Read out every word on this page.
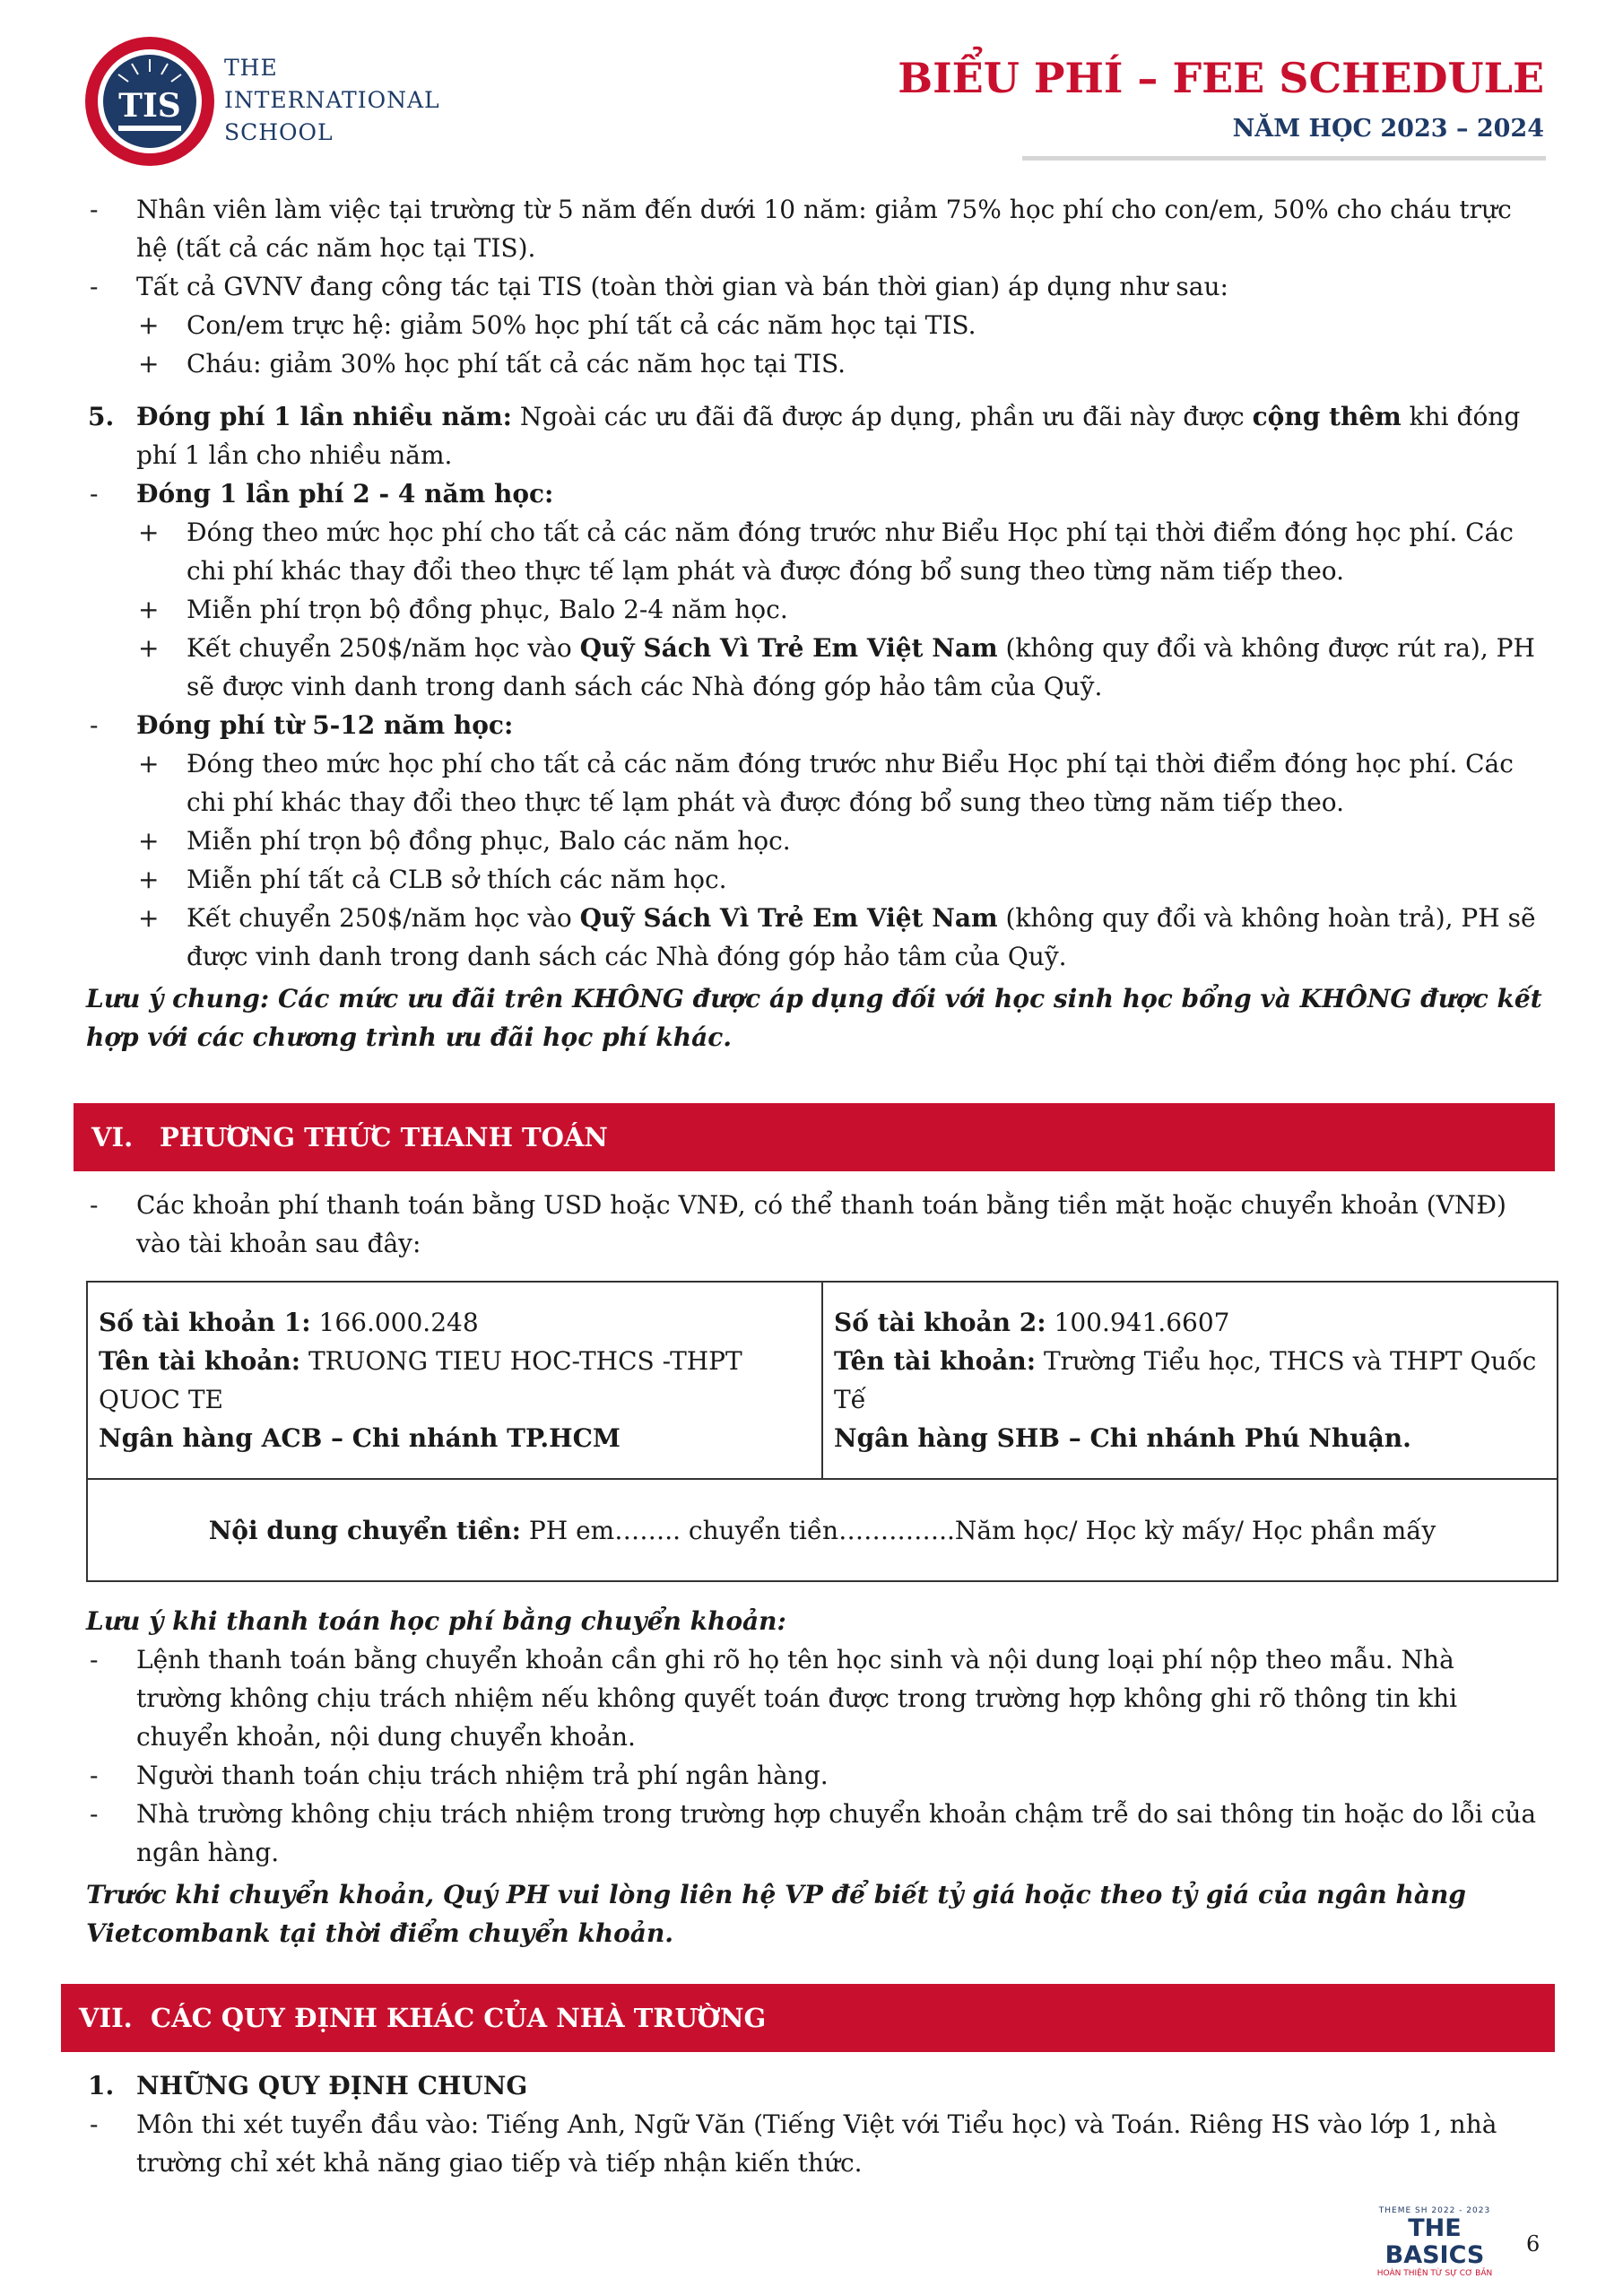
TIS
THE
INTERNATIONAL
SCHOOL
BIỂU PHÍ – FEE SCHEDULE
NĂM HỌC 2023 – 2024
- Nhân viên làm việc tại trường từ 5 năm đến dưới 10 năm: giảm 75% học phí cho con/em, 50% cho cháu trực hệ (tất cả các năm học tại TIS).
- Tất cả GVNV đang công tác tại TIS (toàn thời gian và bán thời gian) áp dụng như sau:
+ Con/em trực hệ: giảm 50% học phí tất cả các năm học tại TIS.
+ Cháu: giảm 30% học phí tất cả các năm học tại TIS.
5. Đóng phí 1 lần nhiều năm: Ngoài các ưu đãi đã được áp dụng, phần ưu đãi này được cộng thêm khi đóng phí 1 lần cho nhiều năm.
- Đóng 1 lần phí 2 - 4 năm học:
+ Đóng theo mức học phí cho tất cả các năm đóng trước như Biểu Học phí tại thời điểm đóng học phí. Các chi phí khác thay đổi theo thực tế lạm phát và được đóng bổ sung theo từng năm tiếp theo.
+ Miễn phí trọn bộ đồng phục, Balo 2-4 năm học.
+ Kết chuyển 250$/năm học vào Quỹ Sách Vì Trẻ Em Việt Nam (không quy đổi và không được rút ra), PH sẽ được vinh danh trong danh sách các Nhà đóng góp hảo tâm của Quỹ.
- Đóng phí từ 5-12 năm học:
+ Đóng theo mức học phí cho tất cả các năm đóng trước như Biểu Học phí tại thời điểm đóng học phí. Các chi phí khác thay đổi theo thực tế lạm phát và được đóng bổ sung theo từng năm tiếp theo.
+ Miễn phí trọn bộ đồng phục, Balo các năm học.
+ Miễn phí tất cả CLB sở thích các năm học.
+ Kết chuyển 250$/năm học vào Quỹ Sách Vì Trẻ Em Việt Nam (không quy đổi và không hoàn trả), PH sẽ được vinh danh trong danh sách các Nhà đóng góp hảo tâm của Quỹ.
Lưu ý chung: Các mức ưu đãi trên KHÔNG được áp dụng đối với học sinh học bổng và KHÔNG được kết hợp với các chương trình ưu đãi học phí khác.
VI. PHƯƠNG THỨC THANH TOÁN
- Các khoản phí thanh toán bằng USD hoặc VNĐ, có thể thanh toán bằng tiền mặt hoặc chuyển khoản (VNĐ) vào tài khoản sau đây:
Số tài khoản 1: 166.000.248
Tên tài khoản: TRUONG TIEU HOC-THCS -THPT QUOC TE
Ngân hàng ACB – Chi nhánh TP.HCM

Số tài khoản 2: 100.941.6607
Tên tài khoản: Trường Tiểu học, THCS và THPT Quốc Tế
Ngân hàng SHB – Chi nhánh Phú Nhuận.

Nội dung chuyển tiền: PH em…….. chuyển tiền…………..Năm học/ Học kỳ mấy/ Học phần mấy
Lưu ý khi thanh toán học phí bằng chuyển khoản:
- Lệnh thanh toán bằng chuyển khoản cần ghi rõ họ tên học sinh và nội dung loại phí nộp theo mẫu. Nhà trường không chịu trách nhiệm nếu không quyết toán được trong trường hợp không ghi rõ thông tin khi chuyển khoản, nội dung chuyển khoản.
- Người thanh toán chịu trách nhiệm trả phí ngân hàng.
- Nhà trường không chịu trách nhiệm trong trường hợp chuyển khoản chậm trễ do sai thông tin hoặc do lỗi của ngân hàng.
Trước khi chuyển khoản, Quý PH vui lòng liên hệ VP để biết tỷ giá hoặc theo tỷ giá của ngân hàng Vietcombank tại thời điểm chuyển khoản.
VII. CÁC QUY ĐỊNH KHÁC CỦA NHÀ TRƯỜNG
1. NHỮNG QUY ĐỊNH CHUNG
- Môn thi xét tuyển đầu vào: Tiếng Anh, Ngữ Văn (Tiếng Việt với Tiểu học) và Toán. Riêng HS vào lớp 1, nhà trường chỉ xét khả năng giao tiếp và tiếp nhận kiến thức.
THEME SH 2022 - 2023
THE BASICS
HOÀN THIỆN TỪ SỰ CƠ BẢN
6
